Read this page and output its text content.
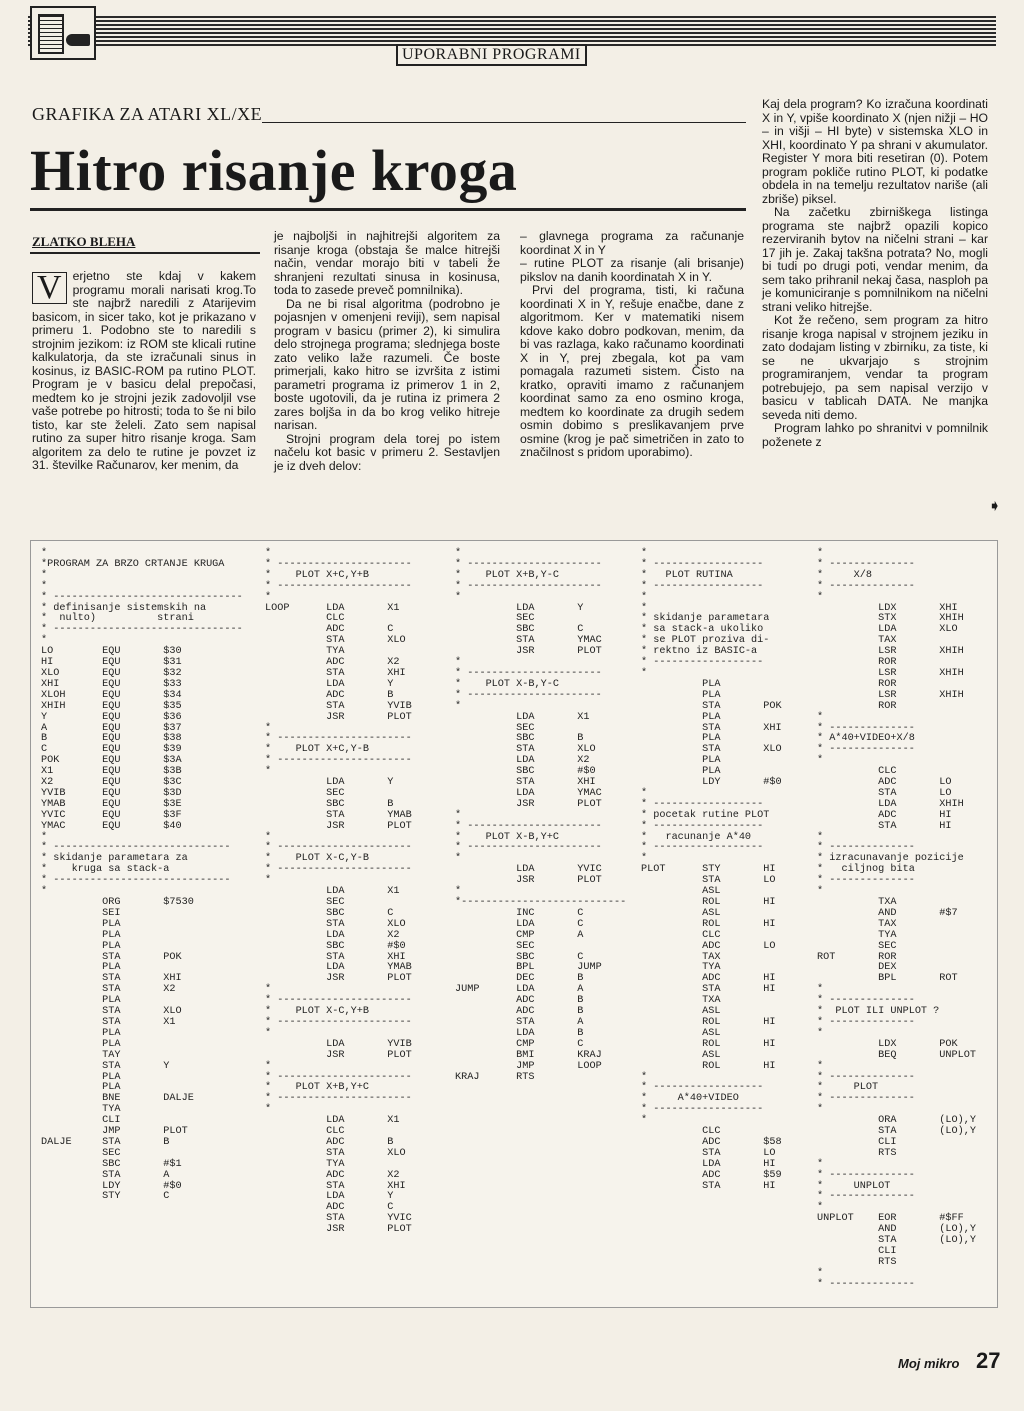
UPORABNI PROGRAMI
GRAFIKA ZA ATARI XL/XE
Hitro risanje kroga
ZLATKO BLEHA
V erjetno ste kdaj v kakem programu morali narisati krog.To ste najbrž naredili z Atarijevim basicom, in sicer tako, kot je prikazano v primeru 1. Podobno ste to naredili s strojnim jezikom: iz ROM ste klicali rutine kalkulatorja, da ste izračunali sinus in kosinus, iz BASIC-ROM pa rutino PLOT. Program je v basicu delal prepočasi, medtem ko je strojni jezik zadovoljil vse vaše potrebe po hitrosti; toda to še ni bilo tisto, kar ste želeli. Zato sem napisal rutino za super hitro risanje kroga. Sam algoritem za delo te rutine je povzet iz 31. številke Računarov, ker menim, da

je najboljši in najhitrejši algoritem za risanje kroga (obstaja še malce hitrejši način, vendar morajo biti v tabeli že shranjeni rezultati sinusa in kosinusa, toda to zasede preveč pomnilnika).

Da ne bi risal algoritma (podrobno je pojasnjen v omenjeni reviji), sem napisal program v basicu (primer 2), ki simulira delo strojnega programa; slednjega boste zato veliko laže razumeli. Če boste primerjali, kako hitro se izvršita z istimi parametri programa iz primerov 1 in 2, boste ugotovili, da je rutina iz primera 2 zares boljša in da bo krog veliko hitreje narisan.

Strojni program dela torej po istem načelu kot basic v primeru 2. Sestavljen je iz dveh delov:

– glavnega programa za računanje koordinat X in Y

– rutine PLOT za risanje (ali brisanje) pikslov na danih koordinatah X in Y.

Prvi del programa, tisti, ki računa koordinati X in Y, rešuje enačbe, dane z algoritmom. Ker v matematiki nisem kdove kako dobro podkovan, menim, da bi vas razlaga, kako računamo koordinati X in Y, prej zbegala, kot pa vam pomagala razumeti sistem. Čisto na kratko, opraviti imamo z računanjem koordinat samo za eno osmino kroga, medtem ko koordinate za drugih sedem osmin dobimo s preslikavanjem prve osmine (krog je pač simetričen in zato to značilnost s pridom uporabimo).

Kaj dela program? Ko izračuna koordinati X in Y, vpiše koordinato X (njen nižji – HO – in višji – HI byte) v sistemska XLO in XHI, koordinato Y pa shrani v akumulator. Register Y mora biti resetiran (0). Potem program pokliče rutino PLOT, ki podatke obdela in na temelju rezultatov nariše (ali zbriše) piksel.

Na začetku zbirniškega listinga programa ste najbrž opazili kopico rezerviranih bytov na ničelni strani – kar 17 jih je. Zakaj takšna potrata? No, mogli bi tudi po drugi poti, vendar menim, da sem tako prihranil nekaj časa, nasploh pa je komuniciranje s pomnilnikom na ničelni strani veliko hitrejše.

Kot že rečeno, sem program za hitro risanje kroga napisal v strojnem jeziku in zato dodajam listing v zbirniku, za tiste, ki se ne ukvarjajo s strojnim programiranjem, vendar ta program potrebujejo, pa sem napisal verzijo v basicu v tablicah DATA. Ne manjka seveda niti demo.

Program lahko po shranitvi v pomnilnik poženete z

➧
*
*PROGRAM ZA BRZO CRTANJE KRUGA
*
*
* -------------------------------
* definisanje sistemskih na
*  nulto)          strani
* -------------------------------
*
LO        EQU       $30
HI        EQU       $31
XLO       EQU       $32
XHI       EQU       $33
XLOH      EQU       $34
XHIH      EQU       $35
Y         EQU       $36
A         EQU       $37
B         EQU       $38
C         EQU       $39
POK       EQU       $3A
X1        EQU       $3B
X2        EQU       $3C
YVIB      EQU       $3D
YMAB      EQU       $3E
YVIC      EQU       $3F
YMAC      EQU       $40
*
* -----------------------------
* skidanje parametara za
*    kruga sa stack-a
* -----------------------------
*
ORG       $7530
SEI
PLA
PLA
PLA
STA       POK
PLA
STA       XHI
STA       X2
PLA
STA       XLO
STA       X1
PLA
PLA
TAY
STA       Y
PLA
PLA
BNE       DALJE
TYA
CLI
JMP       PLOT
DALJE     STA       B
SEC
SBC       #$1
STA       A
LDY       #$0
STY       C
*
* ----------------------
*    PLOT X+C,Y+B
* ----------------------
*
LOOP      LDA       X1
CLC
ADC       C
STA       XLO
TYA
ADC       X2
STA       XHI
LDA       Y
ADC       B
STA       YVIB
JSR       PLOT
*
* ----------------------
*    PLOT X+C,Y-B
* ----------------------
*
LDA       Y
SEC
SBC       B
STA       YMAB
JSR       PLOT
*
* ----------------------
*    PLOT X-C,Y-B
* ----------------------
*
LDA       X1
SEC
SBC       C
STA       XLO
LDA       X2
SBC       #$0
STA       XHI
LDA       YMAB
JSR       PLOT
*
* ----------------------
*    PLOT X-C,Y+B
* ----------------------
*
LDA       YVIB
JSR       PLOT
*
* ----------------------
*    PLOT X+B,Y+C
* ----------------------
*
LDA       X1
CLC
ADC       B
STA       XLO
TYA
ADC       X2
STA       XHI
LDA       Y
ADC       C
STA       YVIC
JSR       PLOT
*
* ----------------------
*    PLOT X+B,Y-C
* ----------------------
*
LDA       Y
SEC
SBC       C
STA       YMAC
JSR       PLOT
*
* ----------------------
*    PLOT X-B,Y-C
* ----------------------
*
LDA       X1
SEC
SBC       B
STA       XLO
LDA       X2
SBC       #$0
STA       XHI
LDA       YMAC
JSR       PLOT
*
* ----------------------
*    PLOT X-B,Y+C
* ----------------------
*
LDA       YVIC
JSR       PLOT
*
*---------------------------
INC       C
LDA       C
CMP       A
SEC
SBC       C
BPL       JUMP
DEC       B
JUMP      LDA       A
ADC       B
ADC       B
STA       A
LDA       B
CMP       C
BMI       KRAJ
JMP       LOOP
KRAJ      RTS
*
* ------------------
*   PLOT RUTINA
* ------------------
*
*
* skidanje parametara
* sa stack-a ukoliko
* se PLOT proziva di-
* rektno iz BASIC-a
* ------------------
*
PLA
PLA
STA       POK
PLA
STA       XHI
PLA
STA       XLO
PLA
PLA
LDY       #$0
*
* ------------------
* pocetak rutine PLOT
* ------------------
*   racunanje A*40
* ------------------
*
PLOT      STY       HI
STA       LO
ASL
ROL       HI
ASL
ROL       HI
CLC
ADC       LO
TAX
TYA
ADC       HI
STA       HI
TXA
ASL
ROL       HI
ASL
ROL       HI
ASL
ROL       HI
*
* ------------------
*     A*40+VIDEO
* ------------------
*
CLC
ADC       $58
STA       LO
LDA       HI
ADC       $59
STA       HI
*
* --------------
*     X/8
* --------------
*
LDX       XHI
STX       XHIH
LDA       XLO
TAX
LSR       XHIH
ROR
LSR       XHIH
ROR
LSR       XHIH
ROR
*
* --------------
* A*40+VIDEO+X/8
* --------------
*
CLC
ADC       LO
STA       LO
LDA       XHIH
ADC       HI
STA       HI
*
* --------------
* izracunavanje pozicije
*   ciljnog bita
* --------------
*
TXA
AND       #$7
TAX
TYA
SEC
ROT       ROR
DEX
BPL       ROT
*
* --------------
*  PLOT ILI UNPLOT ?
* --------------
*
LDX       POK
BEQ       UNPLOT
*
* --------------
*     PLOT
* --------------
*
ORA       (LO),Y
STA       (LO),Y
CLI
RTS
*
* --------------
*     UNPLOT
* --------------
*
UNPLOT    EOR       #$FF
AND       (LO),Y
STA       (LO),Y
CLI
RTS
*
* --------------
Moj mikro 27
